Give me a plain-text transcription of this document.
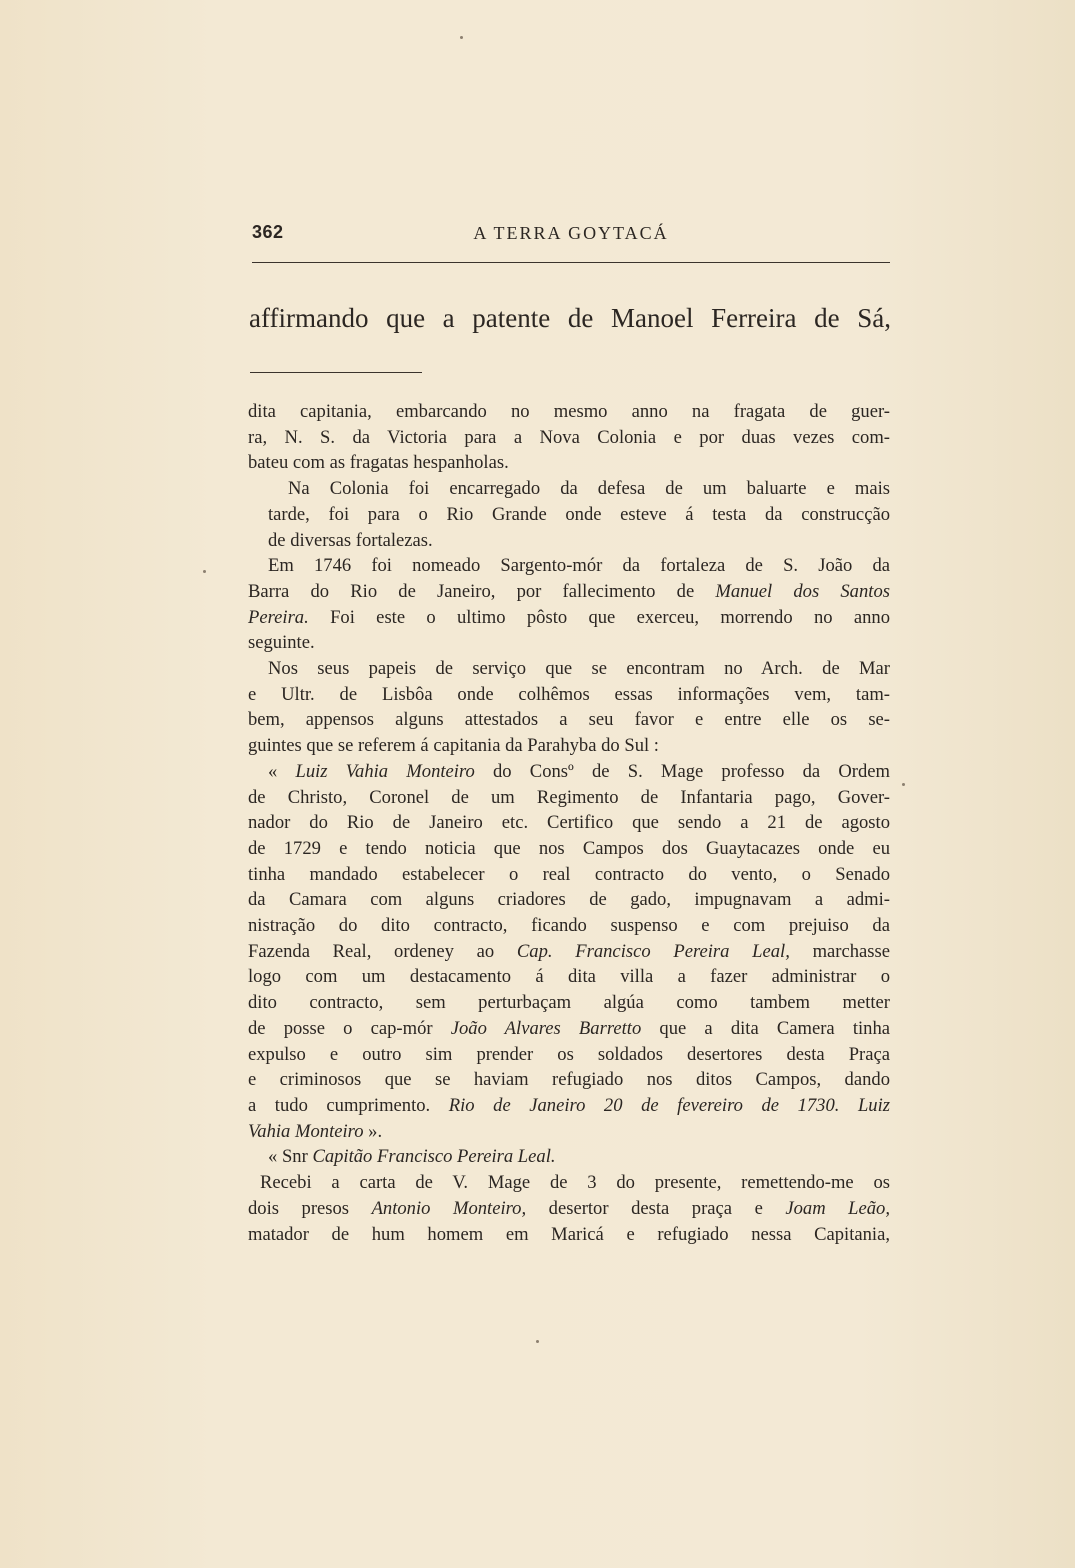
362	A TERRA GOYTACÁ
affirmando que a patente de Manoel Ferreira de Sá,

dita capitania, embarcando no mesmo anno na fragata de guer-
ra, N. S. da Victoria para a Nova Colonia e por duas vezes com-
bateu com as fragatas hespanholas.

Na Colonia foi encarregado da defesa de um baluarte e mais
tarde, foi para o Rio Grande onde esteve á testa da construcção
de diversas fortalezas.

Em 1746 foi nomeado Sargento-mór da fortaleza de S. João da
Barra do Rio de Janeiro, por fallecimento de Manuel dos Santos
Pereira. Foi este o ultimo pôsto que exerceu, morrendo no anno
seguinte.

Nos seus papeis de serviço que se encontram no Arch. de Mar
e Ultr. de Lisbôa onde colhêmos essas informações vem, tam-
bem, appensos alguns attestados a seu favor e entre elle os se-
guintes que se referem á capitania da Parahyba do Sul :

« Luiz Vahia Monteiro do Consº de S. Mage professo da Ordem
de Christo, Coronel de um Regimento de Infantaria pago, Gover-
nador do Rio de Janeiro etc. Certifico que sendo a 21 de agosto
de 1729 e tendo noticia que nos Campos dos Guaytacazes onde eu
tinha mandado estabelecer o real contracto do vento, o Senado
da Camara com alguns criadores de gado, impugnavam a admi-
nistração do dito contracto, ficando suspenso e com prejuiso da
Fazenda Real, ordeney ao Cap. Francisco Pereira Leal, marchasse
logo com um destacamento á dita villa a fazer administrar o
dito contracto, sem perturbaçam algúa como tambem metter
de posse o cap-mór João Alvares Barretto que a dita Camera tinha
expulso e outro sim prender os soldados desertores desta Praça
e criminosos que se haviam refugiado nos ditos Campos, dando
a tudo cumprimento. Rio de Janeiro 20 de fevereiro de 1730. Luiz
Vahia Monteiro ».

« Snr Capitão Francisco Pereira Leal.

Recebi a carta de V. Mage de 3 do presente, remettendo-me os
dois presos Antonio Monteiro, desertor desta praça e Joam Leão,
matador de hum homem em Maricá e refugiado nessa Capitania,
